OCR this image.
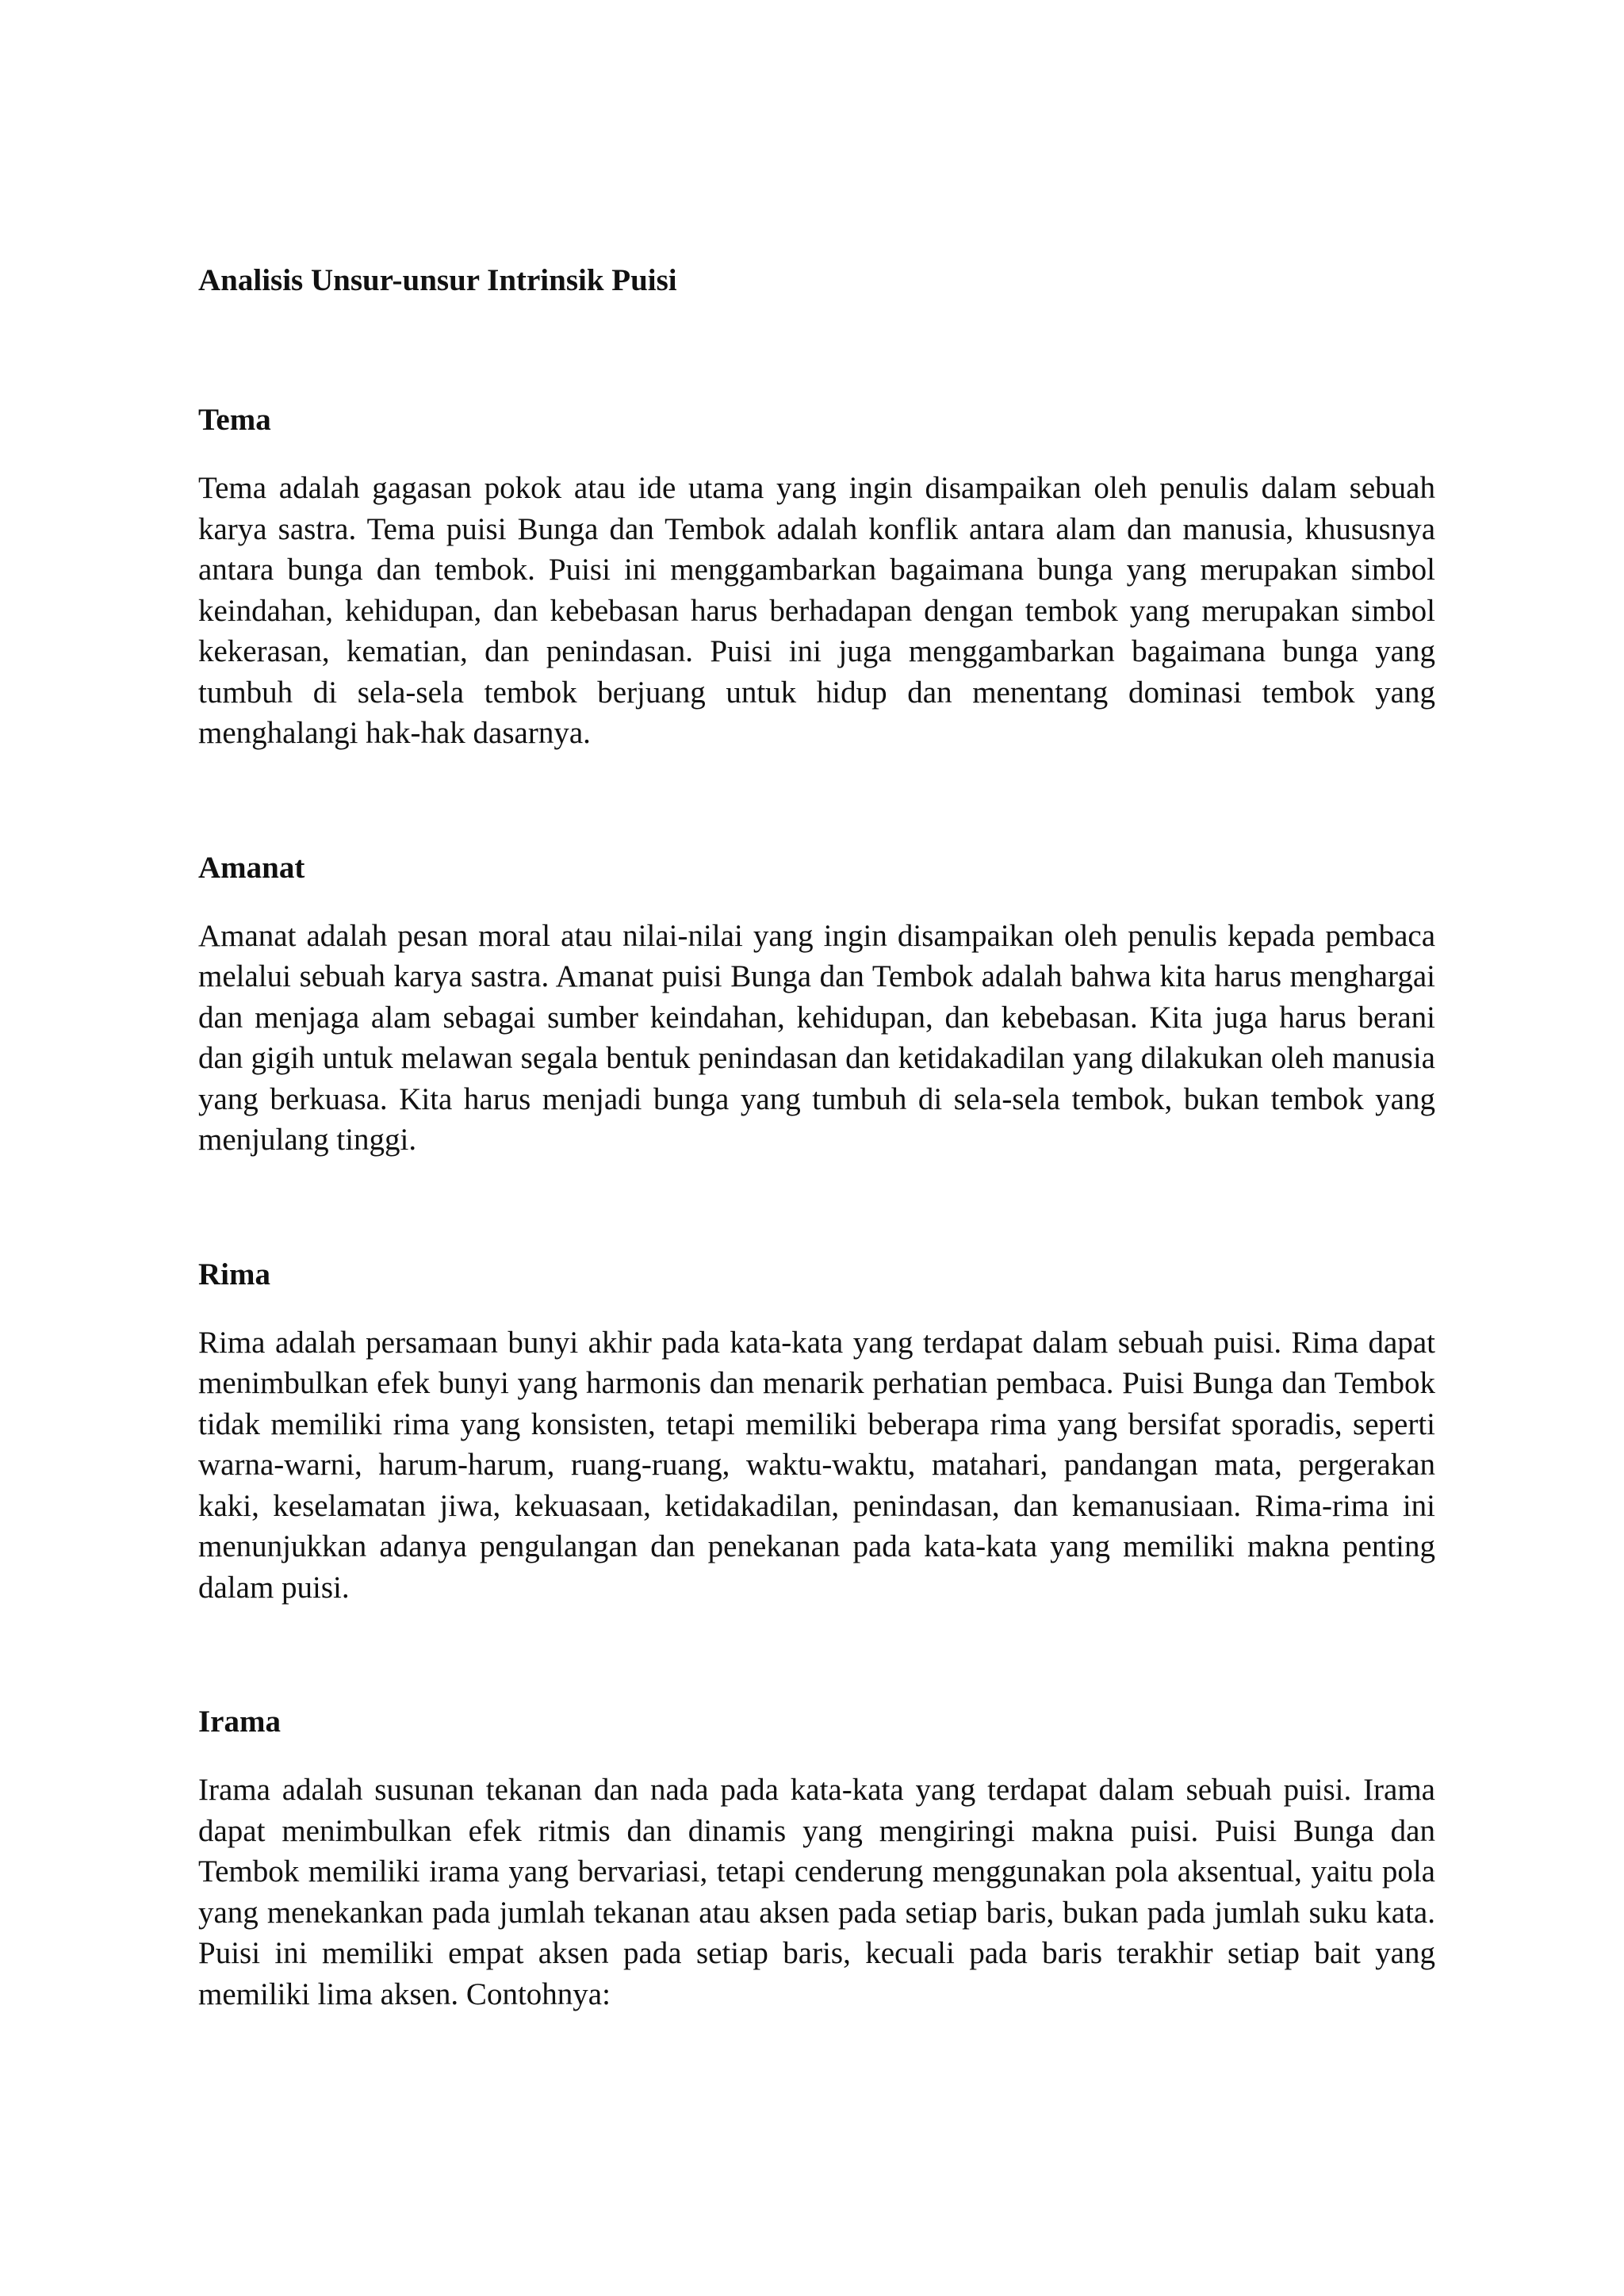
Analisis Unsur-unsur Intrinsik Puisi
Tema

Tema adalah gagasan pokok atau ide utama yang ingin disampaikan oleh penulis dalam sebuah karya sastra. Tema puisi Bunga dan Tembok adalah konflik antara alam dan manusia, khususnya antara bunga dan tembok. Puisi ini menggambarkan bagaimana bunga yang merupakan simbol keindahan, kehidupan, dan kebebasan harus berhadapan dengan tembok yang merupakan simbol kekerasan, kematian, dan penindasan. Puisi ini juga menggambarkan bagaimana bunga yang tumbuh di sela-sela tembok berjuang untuk hidup dan menentang dominasi tembok yang menghalangi hak-hak dasarnya.

Amanat

Amanat adalah pesan moral atau nilai-nilai yang ingin disampaikan oleh penulis kepada pembaca melalui sebuah karya sastra. Amanat puisi Bunga dan Tembok adalah bahwa kita harus menghargai dan menjaga alam sebagai sumber keindahan, kehidupan, dan kebebasan. Kita juga harus berani dan gigih untuk melawan segala bentuk penindasan dan ketidakadilan yang dilakukan oleh manusia yang berkuasa. Kita harus menjadi bunga yang tumbuh di sela-sela tembok, bukan tembok yang menjulang tinggi.

Rima

Rima adalah persamaan bunyi akhir pada kata-kata yang terdapat dalam sebuah puisi. Rima dapat menimbulkan efek bunyi yang harmonis dan menarik perhatian pembaca. Puisi Bunga dan Tembok tidak memiliki rima yang konsisten, tetapi memiliki beberapa rima yang bersifat sporadis, seperti warna-warni, harum-harum, ruang-ruang, waktu-waktu, matahari, pandangan mata, pergerakan kaki, keselamatan jiwa, kekuasaan, ketidakadilan, penindasan, dan kemanusiaan. Rima-rima ini menunjukkan adanya pengulangan dan penekanan pada kata-kata yang memiliki makna penting dalam puisi.

Irama

Irama adalah susunan tekanan dan nada pada kata-kata yang terdapat dalam sebuah puisi. Irama dapat menimbulkan efek ritmis dan dinamis yang mengiringi makna puisi. Puisi Bunga dan Tembok memiliki irama yang bervariasi, tetapi cenderung menggunakan pola aksentual, yaitu pola yang menekankan pada jumlah tekanan atau aksen pada setiap baris, bukan pada jumlah suku kata. Puisi ini memiliki empat aksen pada setiap baris, kecuali pada baris terakhir setiap bait yang memiliki lima aksen. Contohnya:
